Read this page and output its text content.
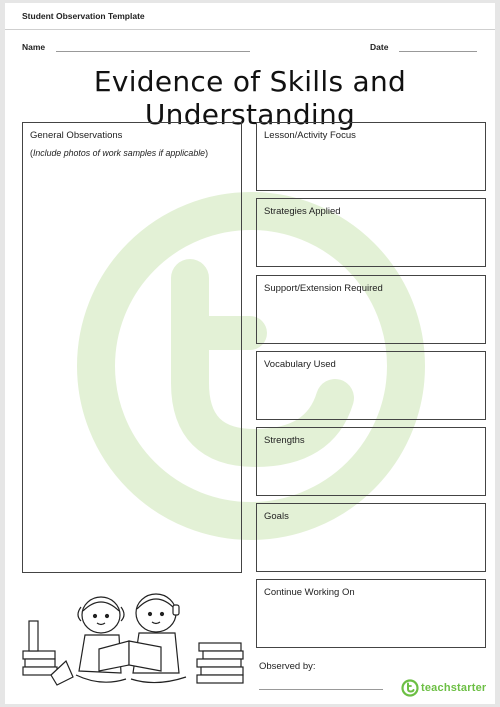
Student Observation Template
Name	Date
Evidence of Skills and Understanding
General Observations
(Include photos of work samples if applicable)
Lesson/Activity Focus
Strategies Applied
Support/Extension Required
Vocabulary Used
Strengths
Goals
Continue Working On
Observed by:
teachstarter
